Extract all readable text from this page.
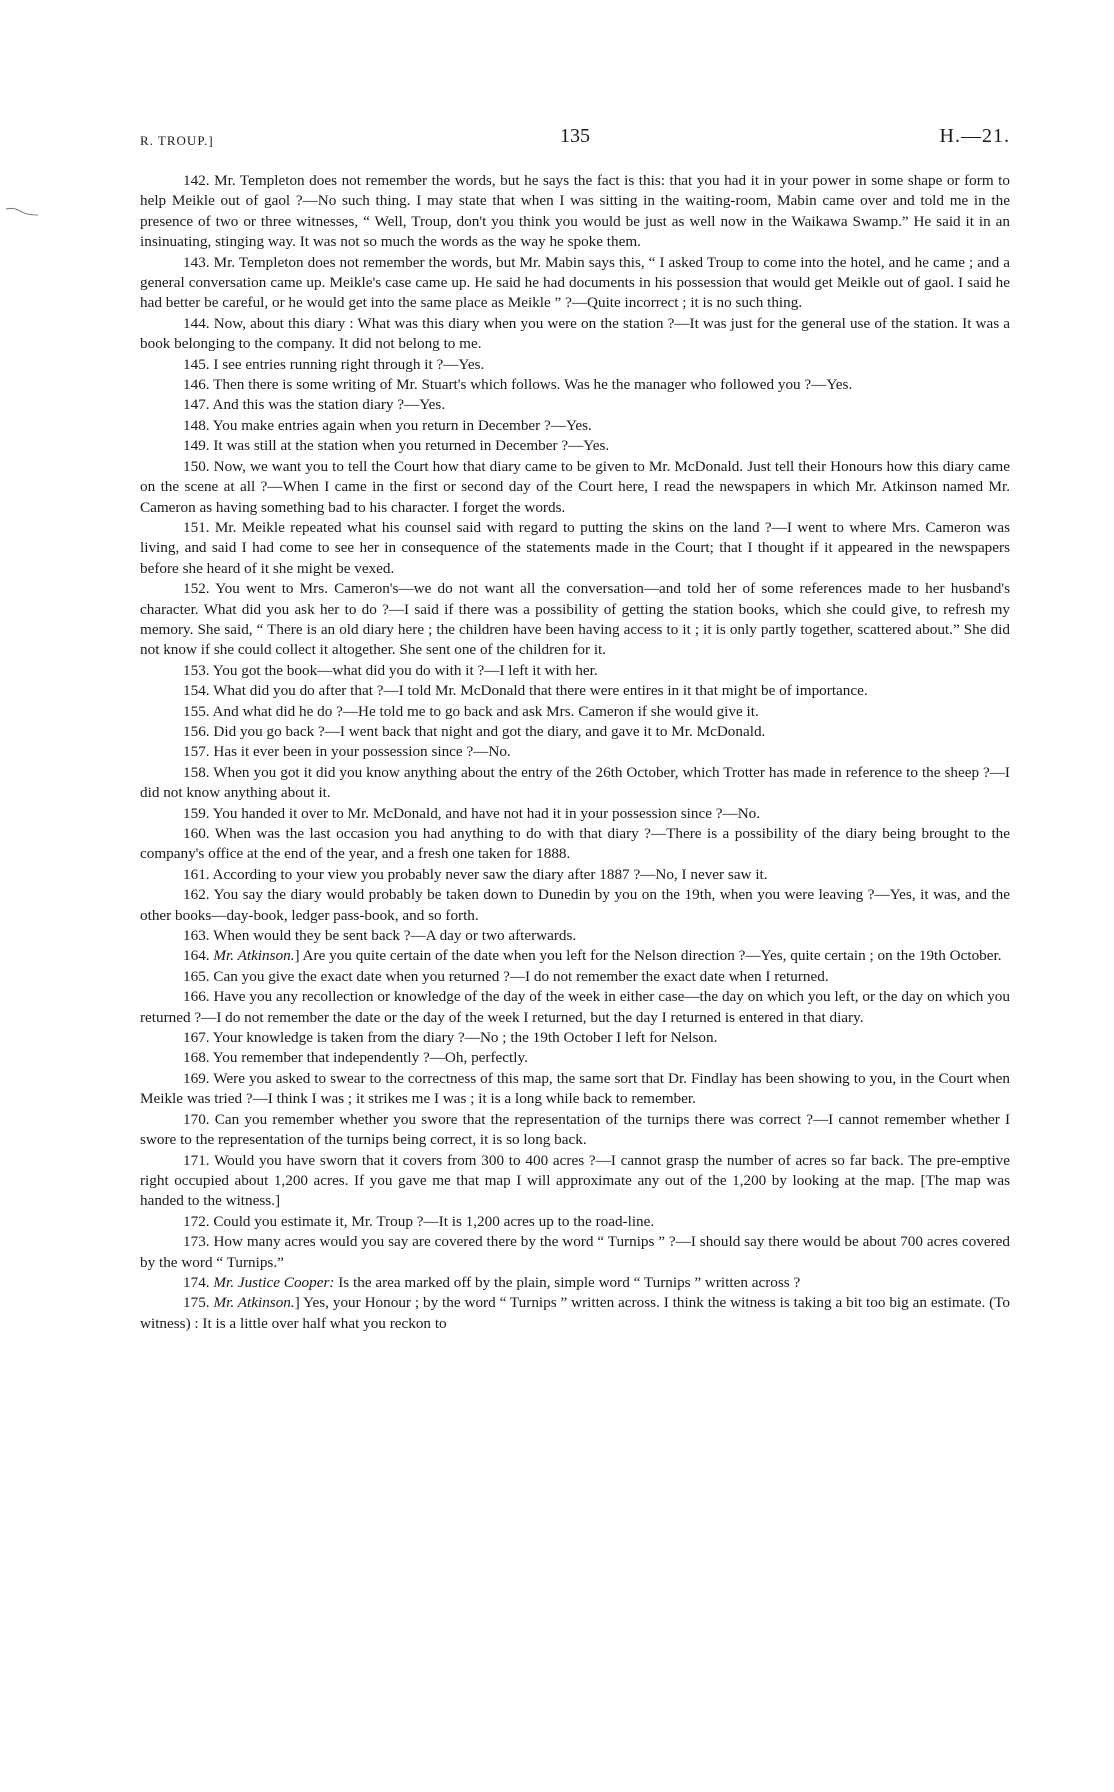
R. TROUP.]	135	H.—21.

142. Mr. Templeton does not remember the words, but he says the fact is this: that you had it in your power in some shape or form to help Meikle out of gaol ?—No such thing. I may state that when I was sitting in the waiting-room, Mabin came over and told me in the presence of two or three witnesses, “ Well, Troup, don't you think you would be just as well now in the Waikawa Swamp.” He said it in an insinuating, stinging way. It was not so much the words as the way he spoke them.

143. Mr. Templeton does not remember the words, but Mr. Mabin says this, “ I asked Troup to come into the hotel, and he came ; and a general conversation came up. Meikle's case came up. He said he had documents in his possession that would get Meikle out of gaol. I said he had better be careful, or he would get into the same place as Meikle ” ?—Quite incorrect ; it is no such thing.

144. Now, about this diary : What was this diary when you were on the station ?—It was just for the general use of the station. It was a book belonging to the company. It did not belong to me.

145. I see entries running right through it ?—Yes.

146. Then there is some writing of Mr. Stuart's which follows. Was he the manager who followed you ?—Yes.

147. And this was the station diary ?—Yes.

148. You make entries again when you return in December ?—Yes.

149. It was still at the station when you returned in December ?—Yes.

150. Now, we want you to tell the Court how that diary came to be given to Mr. McDonald. Just tell their Honours how this diary came on the scene at all ?—When I came in the first or second day of the Court here, I read the newspapers in which Mr. Atkinson named Mr. Cameron as having something bad to his character. I forget the words.

151. Mr. Meikle repeated what his counsel said with regard to putting the skins on the land ?—I went to where Mrs. Cameron was living, and said I had come to see her in consequence of the statements made in the Court; that I thought if it appeared in the newspapers before she heard of it she might be vexed.

152. You went to Mrs. Cameron's—we do not want all the conversation—and told her of some references made to her husband's character. What did you ask her to do ?—I said if there was a possibility of getting the station books, which she could give, to refresh my memory. She said, “ There is an old diary here ; the children have been having access to it ; it is only partly together, scattered about.” She did not know if she could collect it altogether. She sent one of the children for it.

153. You got the book—what did you do with it ?—I left it with her.

154. What did you do after that ?—I told Mr. McDonald that there were entires in it that might be of importance.

155. And what did he do ?—He told me to go back and ask Mrs. Cameron if she would give it.

156. Did you go back ?—I went back that night and got the diary, and gave it to Mr. McDonald.

157. Has it ever been in your possession since ?—No.

158. When you got it did you know anything about the entry of the 26th October, which Trotter has made in reference to the sheep ?—I did not know anything about it.

159. You handed it over to Mr. McDonald, and have not had it in your possession since ?—No.

160. When was the last occasion you had anything to do with that diary ?—There is a possibility of the diary being brought to the company's office at the end of the year, and a fresh one taken for 1888.

161. According to your view you probably never saw the diary after 1887 ?—No, I never saw it.

162. You say the diary would probably be taken down to Dunedin by you on the 19th, when you were leaving ?—Yes, it was, and the other books—day-book, ledger pass-book, and so forth.

163. When would they be sent back ?—A day or two afterwards.

164. Mr. Atkinson.] Are you quite certain of the date when you left for the Nelson direction ?—Yes, quite certain ; on the 19th October.

165. Can you give the exact date when you returned ?—I do not remember the exact date when I returned.

166. Have you any recollection or knowledge of the day of the week in either case—the day on which you left, or the day on which you returned ?—I do not remember the date or the day of the week I returned, but the day I returned is entered in that diary.

167. Your knowledge is taken from the diary ?—No ; the 19th October I left for Nelson.

168. You remember that independently ?—Oh, perfectly.

169. Were you asked to swear to the correctness of this map, the same sort that Dr. Findlay has been showing to you, in the Court when Meikle was tried ?—I think I was ; it strikes me I was ; it is a long while back to remember.

170. Can you remember whether you swore that the representation of the turnips there was correct ?—I cannot remember whether I swore to the representation of the turnips being correct, it is so long back.

171. Would you have sworn that it covers from 300 to 400 acres ?—I cannot grasp the number of acres so far back. The pre-emptive right occupied about 1,200 acres. If you gave me that map I will approximate any out of the 1,200 by looking at the map. [The map was handed to the witness.]

172. Could you estimate it, Mr. Troup ?—It is 1,200 acres up to the road-line.

173. How many acres would you say are covered there by the word “ Turnips ” ?—I should say there would be about 700 acres covered by the word “ Turnips.”

174. Mr. Justice Cooper: Is the area marked off by the plain, simple word “ Turnips ” written across ?

175. Mr. Atkinson.] Yes, your Honour ; by the word “ Turnips ” written across. I think the witness is taking a bit too big an estimate. (To witness) : It is a little over half what you reckon to
